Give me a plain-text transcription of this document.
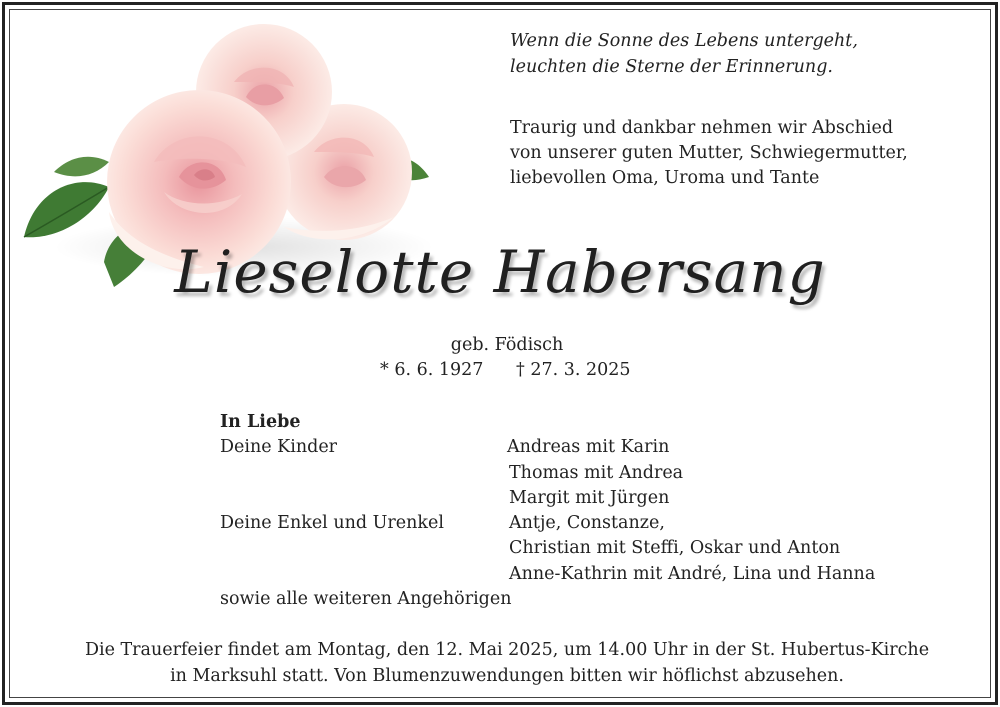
Wenn die Sonne des Lebens untergeht,
leuchten die Sterne der Erinnerung.
Traurig und dankbar nehmen wir Abschied
von unserer guten Mutter, Schwiegermutter,
liebevollen Oma, Uroma und Tante
Lieselotte Habersang
geb. Födisch
* 6. 6. 1927 † 27. 3. 2025
In Liebe
Deine Kinder	Andreas mit Karin
Thomas mit Andrea
Margit mit Jürgen
Deine Enkel und Urenkel	Antje, Constanze,
Christian mit Steffi, Oskar und Anton
Anne-Kathrin mit André, Lina und Hanna
sowie alle weiteren Angehörigen
Die Trauerfeier findet am Montag, den 12. Mai 2025, um 14.00 Uhr in der St. Hubertus-Kirche
in Marksuhl statt. Von Blumenzuwendungen bitten wir höflichst abzusehen.
